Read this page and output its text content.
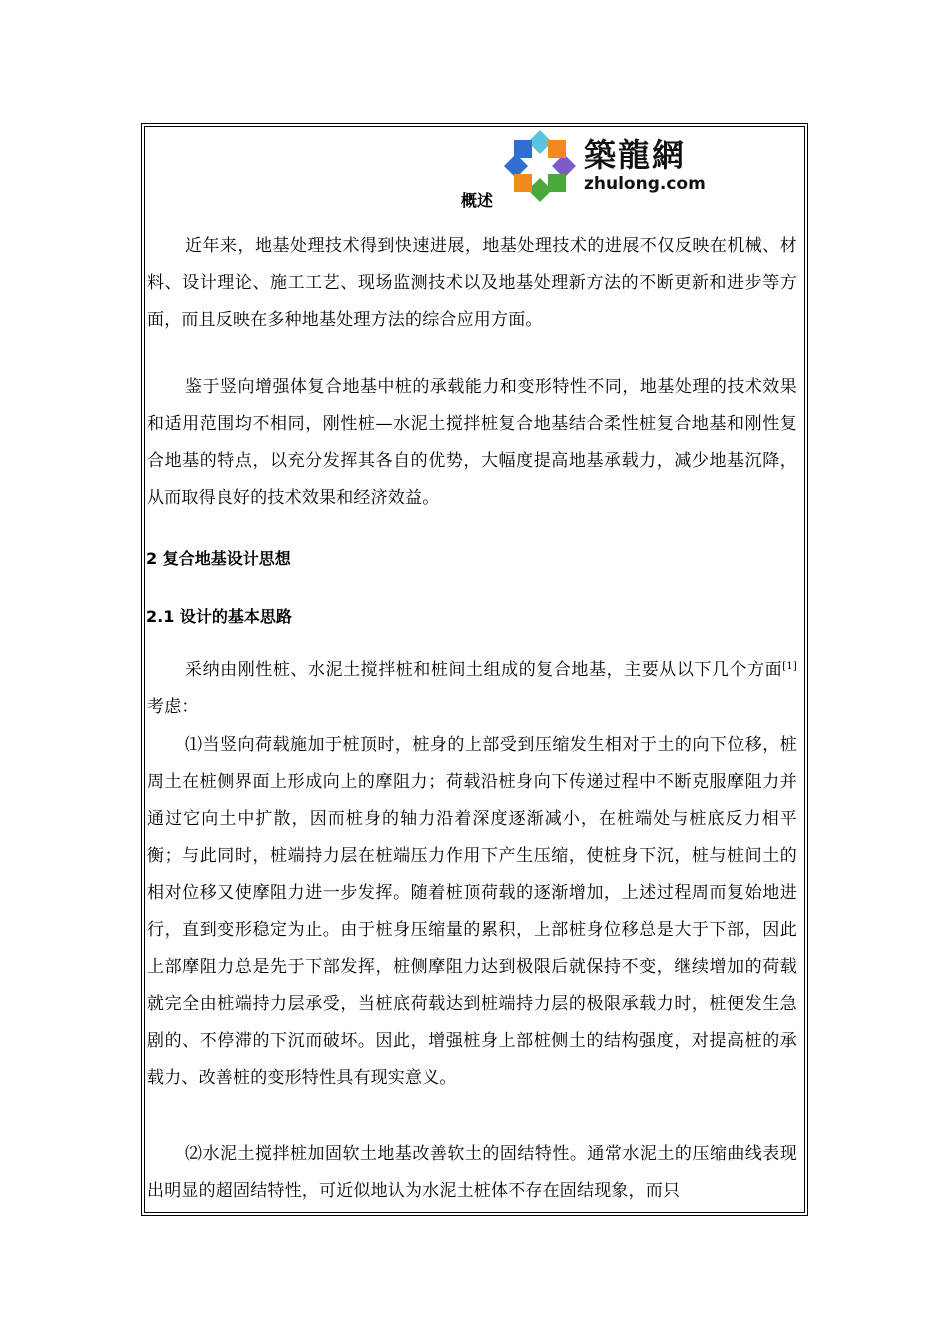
築龍網
zhulong.com
概述

近年来，地基处理技术得到快速进展，地基处理技术的进展不仅反映在机械、材料、设计理论、施工工艺、现场监测技术以及地基处理新方法的不断更新和进步等方面，而且反映在多种地基处理方法的综合应用方面。

鉴于竖向增强体复合地基中桩的承载能力和变形特性不同，地基处理的技术效果和适用范围均不相同，刚性桩—水泥土搅拌桩复合地基结合柔性桩复合地基和刚性复合地基的特点，以充分发挥其各自的优势，大幅度提高地基承载力，减少地基沉降，从而取得良好的技术效果和经济效益。

2 复合地基设计思想
2.1 设计的基本思路

采纳由刚性桩、水泥土搅拌桩和桩间土组成的复合地基，主要从以下几个方面[1]考虑：

⑴当竖向荷载施加于桩顶时，桩身的上部受到压缩发生相对于土的向下位移，桩周土在桩侧界面上形成向上的摩阻力；荷载沿桩身向下传递过程中不断克服摩阻力并通过它向土中扩散，因而桩身的轴力沿着深度逐渐减小，在桩端处与桩底反力相平衡；与此同时，桩端持力层在桩端压力作用下产生压缩，使桩身下沉，桩与桩间土的相对位移又使摩阻力进一步发挥。随着桩顶荷载的逐渐增加，上述过程周而复始地进行，直到变形稳定为止。由于桩身压缩量的累积，上部桩身位移总是大于下部，因此上部摩阻力总是先于下部发挥，桩侧摩阻力达到极限后就保持不变，继续增加的荷载就完全由桩端持力层承受，当桩底荷载达到桩端持力层的极限承载力时，桩便发生急剧的、不停滞的下沉而破坏。因此，增强桩身上部桩侧土的结构强度，对提高桩的承载力、改善桩的变形特性具有现实意义。

⑵水泥土搅拌桩加固软土地基改善软土的固结特性。通常水泥土的压缩曲线表现出明显的超固结特性，可近似地认为水泥土桩体不存在固结现象，而只
